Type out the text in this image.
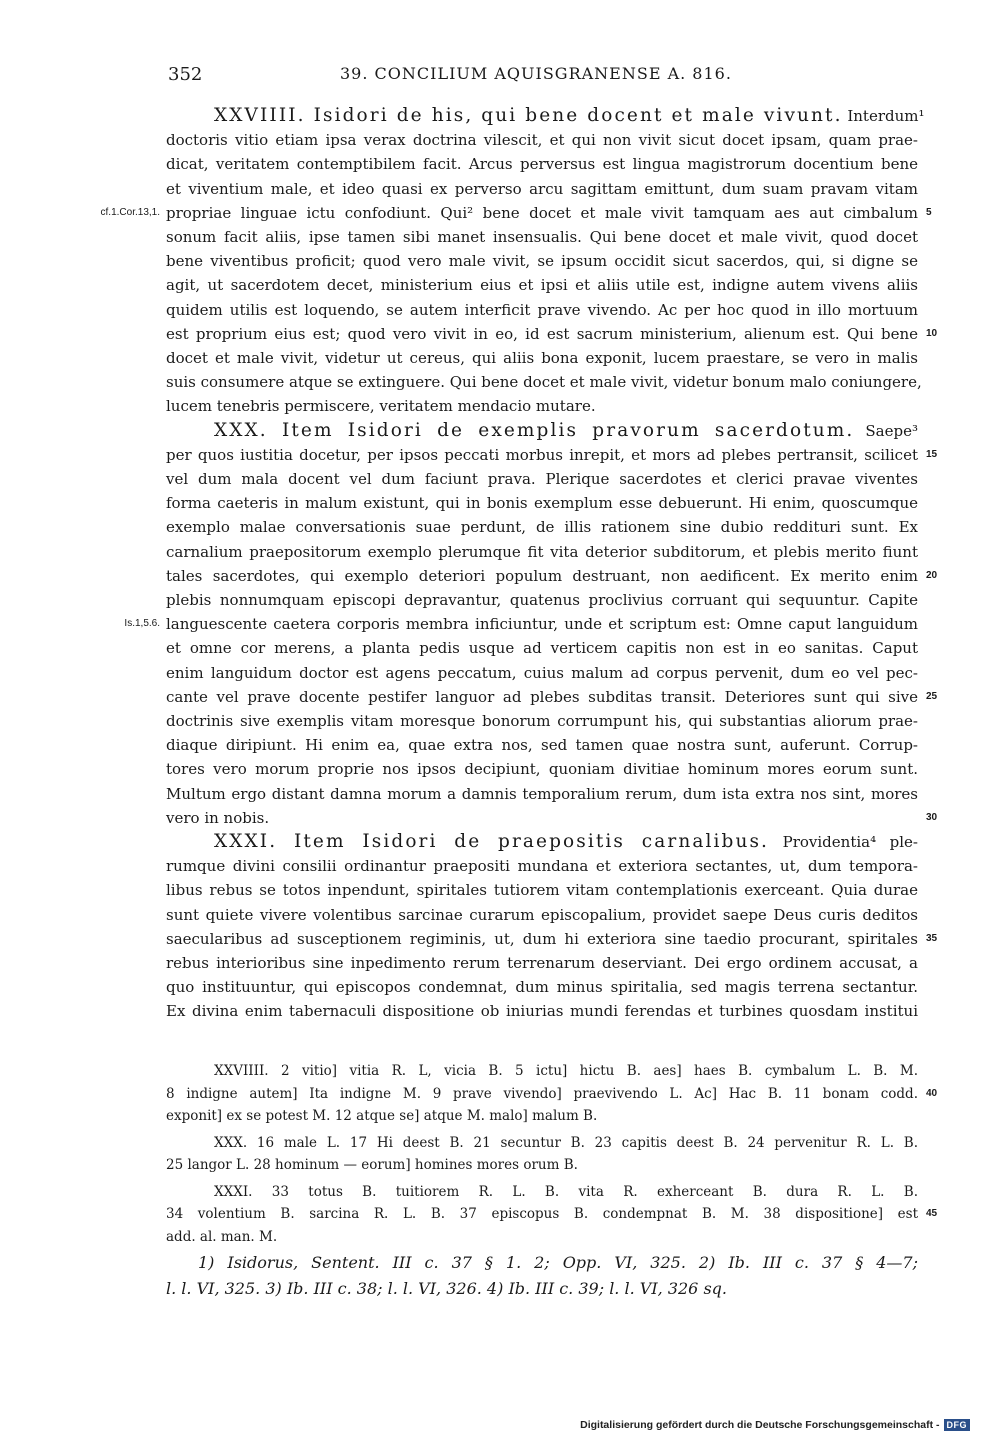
352	39. CONCILIUM AQUISGRANENSE A. 816.
XXVIIII. Isidori de his, qui bene docent et male vivunt. Interdum¹
doctoris vitio etiam ipsa verax doctrina vilescit, et qui non vivit sicut docet ipsam, quam prae-
dicat, veritatem contemptibilem facit. Arcus perversus est lingua magistrorum docentium bene
et viventium male, et ideo quasi ex perverso arcu sagittam emittunt, dum suam pravam vitam
propriae linguae ictu confodiunt. Qui² bene docet et male vivit tamquam aes aut cimbalum
cf.1.Cor.13,1.	5
sonum facit aliis, ipse tamen sibi manet insensualis. Qui bene docet et male vivit, quod docet
bene viventibus proficit; quod vero male vivit, se ipsum occidit sicut sacerdos, qui, si digne se
agit, ut sacerdotem decet, ministerium eius et ipsi et aliis utile est, indigne autem vivens aliis
quidem utilis est loquendo, se autem interficit prave vivendo. Ac per hoc quod in illo mortuum
est proprium eius est; quod vero vivit in eo, id est sacrum ministerium, alienum est. Qui bene 10
docet et male vivit, videtur ut cereus, qui aliis bona exponit, lucem praestare, se vero in malis
suis consumere atque se extinguere. Qui bene docet et male vivit, videtur bonum malo coniungere,
lucem tenebris permiscere, veritatem mendacio mutare.
XXX. Item Isidori de exemplis pravorum sacerdotum. Saepe³
per quos iustitia docetur, per ipsos peccati morbus inrepit, et mors ad plebes pertransit, scilicet 15
vel dum mala docent vel dum faciunt prava. Plerique sacerdotes et clerici pravae viventes
forma caeteris in malum existunt, qui in bonis exemplum esse debuerunt. Hi enim, quoscumque
exemplo malae conversationis suae perdunt, de illis rationem sine dubio reddituri sunt. Ex
carnalium praepositorum exemplo plerumque fit vita deterior subditorum, et plebis merito fiunt
tales sacerdotes, qui exemplo deteriori populum destruant, non aedificent. Ex merito enim 20
plebis nonnumquam episcopi depravantur, quatenus proclivius corruant qui sequuntur. Capite
languescente caetera corporis membra inficiuntur, unde et scriptum est: Omne caput languidum
Is.1,5.6.
et omne cor merens, a planta pedis usque ad verticem capitis non est in eo sanitas. Caput
enim languidum doctor est agens peccatum, cuius malum ad corpus pervenit, dum eo vel pec-
cante vel prave docente pestifer languor ad plebes subditas transit. Deteriores sunt qui sive 25
doctrinis sive exemplis vitam moresque bonorum corrumpunt his, qui substantias aliorum prae-
diaque diripiunt. Hi enim ea, quae extra nos, sed tamen quae nostra sunt, auferunt. Corrup-
tores vero morum proprie nos ipsos decipiunt, quoniam divitiae hominum mores eorum sunt.
Multum ergo distant damna morum a damnis temporalium rerum, dum ista extra nos sint, mores
vero in nobis.	30
XXXI. Item Isidori de praepositis carnalibus. Providentia⁴ ple-
rumque divini consilii ordinantur praepositi mundana et exteriora sectantes, ut, dum tempora-
libus rebus se totos inpendunt, spiritales tutiorem vitam contemplationis exerceant. Quia durae
sunt quiete vivere volentibus sarcinae curarum episcopalium, providet saepe Deus curis deditos
saecularibus ad susceptionem regiminis, ut, dum hi exteriora sine taedio procurant, spiritales 35
rebus interioribus sine inpedimento rerum terrenarum deserviant. Dei ergo ordinem accusat, a
quo instituuntur, qui episcopos condemnat, dum minus spiritalia, sed magis terrena sectantur.
Ex divina enim tabernaculi dispositione ob iniurias mundi ferendas et turbines quosdam institui
XXVIIII. 2 vitio] vitia R. L, vicia B. 5 ictu] hictu B. aes] haes B. cymbalum L. B. M.
8 indigne autem] Ita indigne M. 9 prave vivendo] praevivendo L. Ac] Hac B. 11 bonam codd. 40
exponit] ex se potest M. 12 atque se] atque M. malo] malum B.
XXX. 16 male L. 17 Hi deest B. 21 secuntur B. 23 capitis deest B. 24 pervenitur R. L. B.
25 langor L. 28 hominum — eorum] homines mores orum B.
XXXI. 33 totus B. tuitiorem R. L. B. vita R. exherceant B. dura R. L. B.
34 volentium B. sarcina R. L. B. 37 episcopus B. condempnat B. M. 38 dispositione] est 45
add. al. man. M.
1) Isidorus, Sentent. III c. 37 § 1. 2; Opp. VI, 325. 2) Ib. III c. 37 § 4—7;
l. l. VI, 325. 3) Ib. III c. 38; l. l. VI, 326. 4) Ib. III c. 39; l. l. VI, 326 sq.
Digitalisierung gefördert durch die Deutsche Forschungsgemeinschaft - DFG
